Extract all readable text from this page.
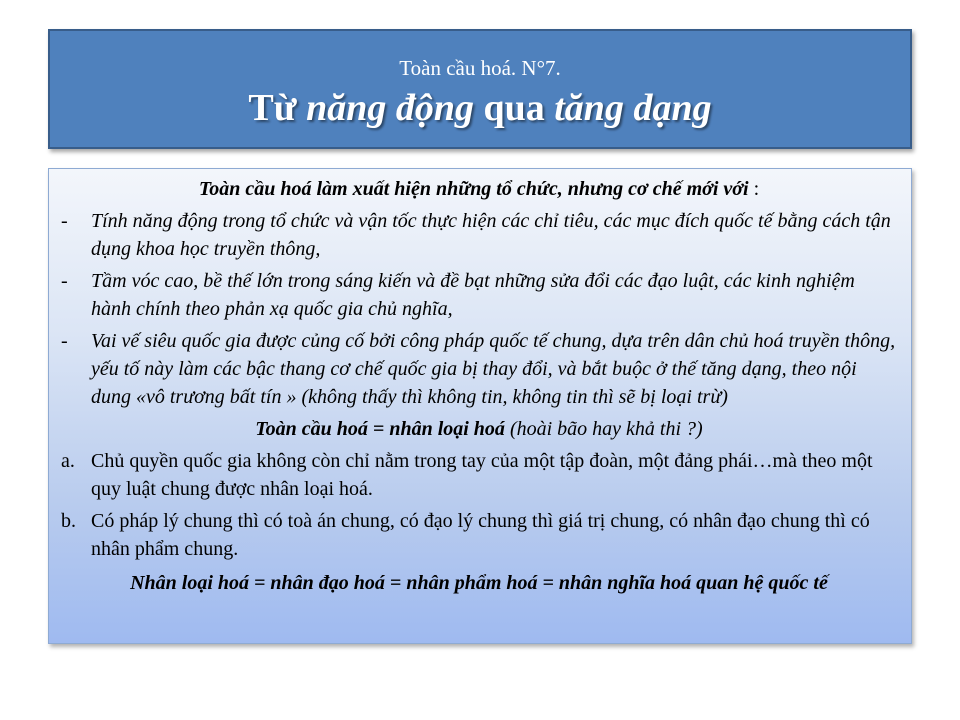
Toàn cầu hoá. N°7.
Từ năng động qua tăng dạng
Toàn cầu hoá làm xuất hiện những tổ chức, nhưng cơ chế mới với :
-	Tính năng động trong tổ chức và vận tốc thực hiện các chỉ tiêu, các mục đích quốc tế bằng cách tận dụng khoa học truyền thông,
-	Tầm vóc cao, bề thế lớn trong sáng kiến và đề bạt những sửa đổi các đạo luật, các kinh nghiệm hành chính theo phản xạ quốc gia chủ nghĩa,
-	Vai vế siêu quốc gia được củng cố bởi công pháp quốc tế chung, dựa trên dân chủ hoá truyền thông, yếu tố này làm các bậc thang cơ chế quốc gia bị thay đổi, và bắt buộc ở thế tăng dạng, theo nội dung «vô trương bất tín » (không thấy thì không tin, không tin thì sẽ bị loại trừ)
Toàn cầu hoá = nhân loại hoá (hoài bão hay khả thi ?)
a. Chủ quyền quốc gia không còn chỉ nằm trong tay của một tập đoàn, một đảng phái…mà theo một quy luật chung được nhân loại hoá.
b. Có pháp lý chung thì có toà án chung, có đạo lý chung thì giá trị chung, có nhân đạo chung thì có nhân phẩm chung.
Nhân loại hoá = nhân đạo hoá = nhân phẩm hoá = nhân nghĩa hoá quan hệ quốc tế
